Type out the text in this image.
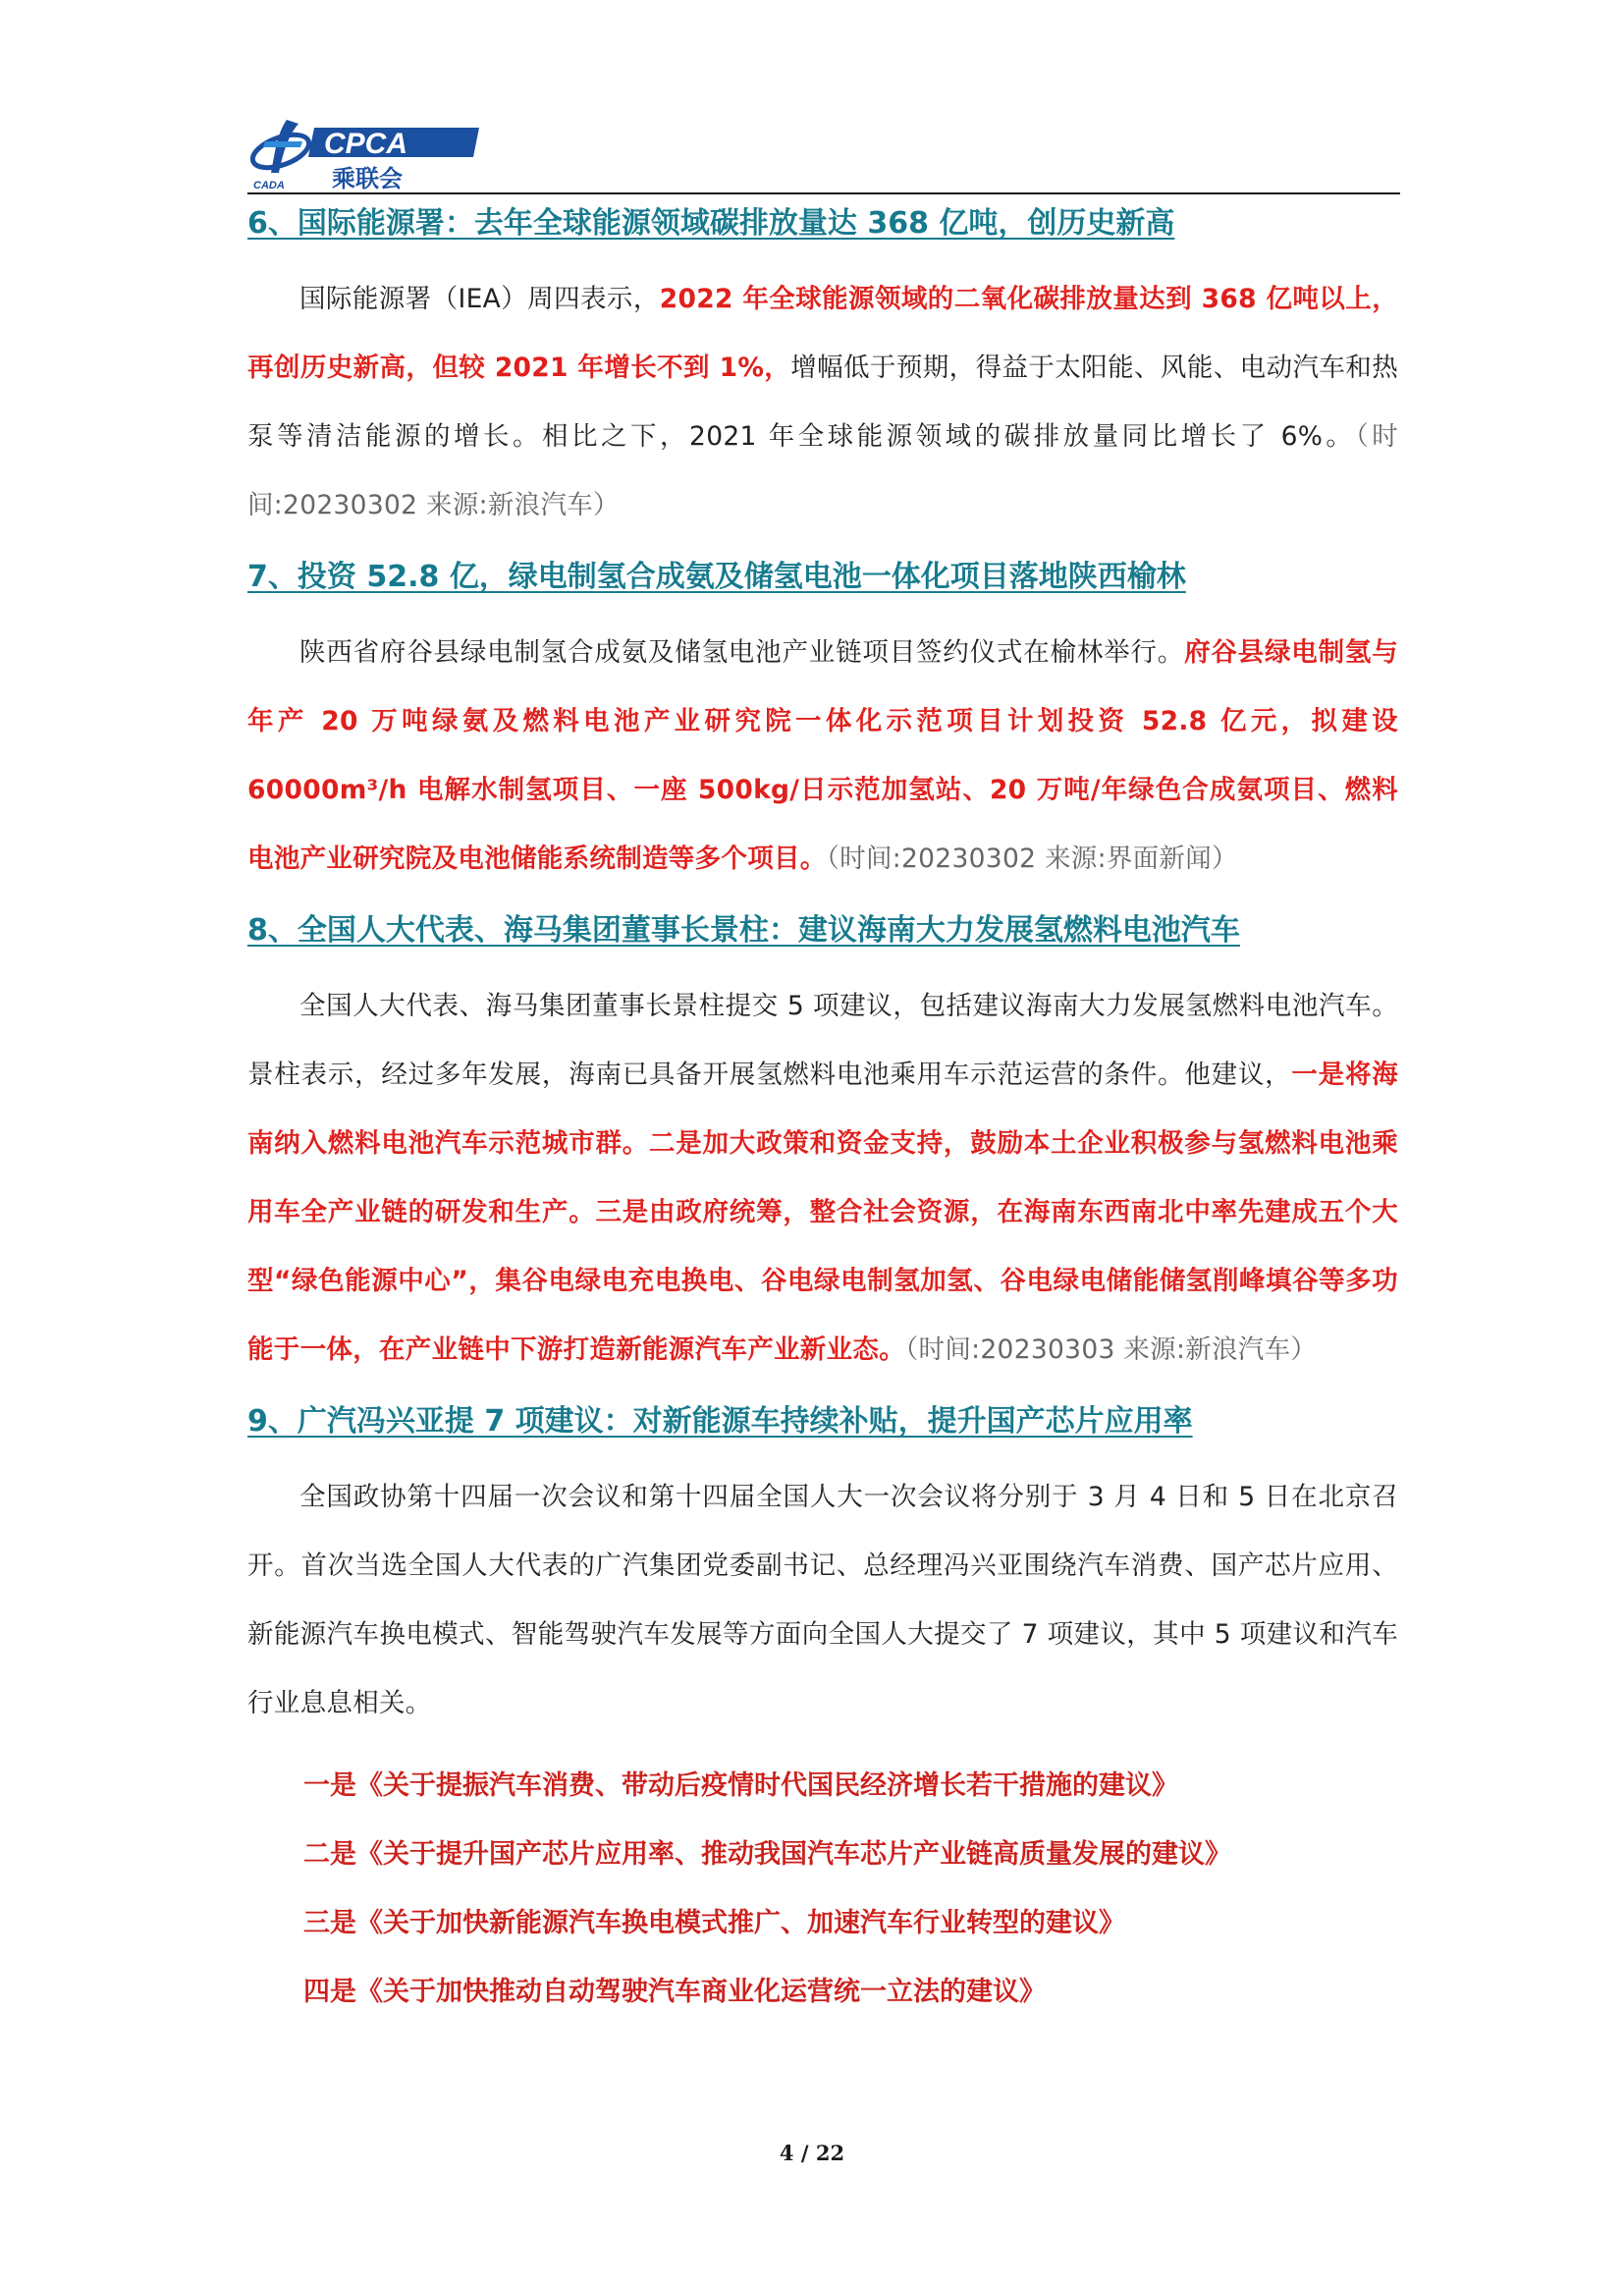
CADA
CPCA
乘联会
6、国际能源署：去年全球能源领域碳排放量达 368 亿吨，创历史新高

国际能源署（IEA）周四表示，2022 年全球能源领域的二氧化碳排放量达到 368 亿吨以上，再创历史新高，但较 2021 年增长不到 1%，增幅低于预期，得益于太阳能、风能、电动汽车和热泵等清洁能源的增长。相比之下，2021 年全球能源领域的碳排放量同比增长了 6%。（时间:20230302 来源:新浪汽车）

7、投资 52.8 亿，绿电制氢合成氨及储氢电池一体化项目落地陕西榆林

陕西省府谷县绿电制氢合成氨及储氢电池产业链项目签约仪式在榆林举行。府谷县绿电制氢与年产 20 万吨绿氨及燃料电池产业研究院一体化示范项目计划投资 52.8 亿元，拟建设 60000m³/h 电解水制氢项目、一座 500kg/日示范加氢站、20 万吨/年绿色合成氨项目、燃料电池产业研究院及电池储能系统制造等多个项目。（时间:20230302 来源:界面新闻）

8、全国人大代表、海马集团董事长景柱：建议海南大力发展氢燃料电池汽车

全国人大代表、海马集团董事长景柱提交 5 项建议，包括建议海南大力发展氢燃料电池汽车。景柱表示，经过多年发展，海南已具备开展氢燃料电池乘用车示范运营的条件。他建议，一是将海南纳入燃料电池汽车示范城市群。二是加大政策和资金支持，鼓励本土企业积极参与氢燃料电池乘用车全产业链的研发和生产。三是由政府统筹，整合社会资源，在海南东西南北中率先建成五个大型“绿色能源中心”，集谷电绿电充电换电、谷电绿电制氢加氢、谷电绿电储能储氢削峰填谷等多功能于一体，在产业链中下游打造新能源汽车产业新业态。（时间:20230303 来源:新浪汽车）

9、广汽冯兴亚提 7 项建议：对新能源车持续补贴，提升国产芯片应用率

全国政协第十四届一次会议和第十四届全国人大一次会议将分别于 3 月 4 日和 5 日在北京召开。首次当选全国人大代表的广汽集团党委副书记、总经理冯兴亚围绕汽车消费、国产芯片应用、新能源汽车换电模式、智能驾驶汽车发展等方面向全国人大提交了 7 项建议，其中 5 项建议和汽车行业息息相关。

一是《关于提振汽车消费、带动后疫情时代国民经济增长若干措施的建议》
二是《关于提升国产芯片应用率、推动我国汽车芯片产业链高质量发展的建议》
三是《关于加快新能源汽车换电模式推广、加速汽车行业转型的建议》
四是《关于加快推动自动驾驶汽车商业化运营统一立法的建议》
4 / 22
